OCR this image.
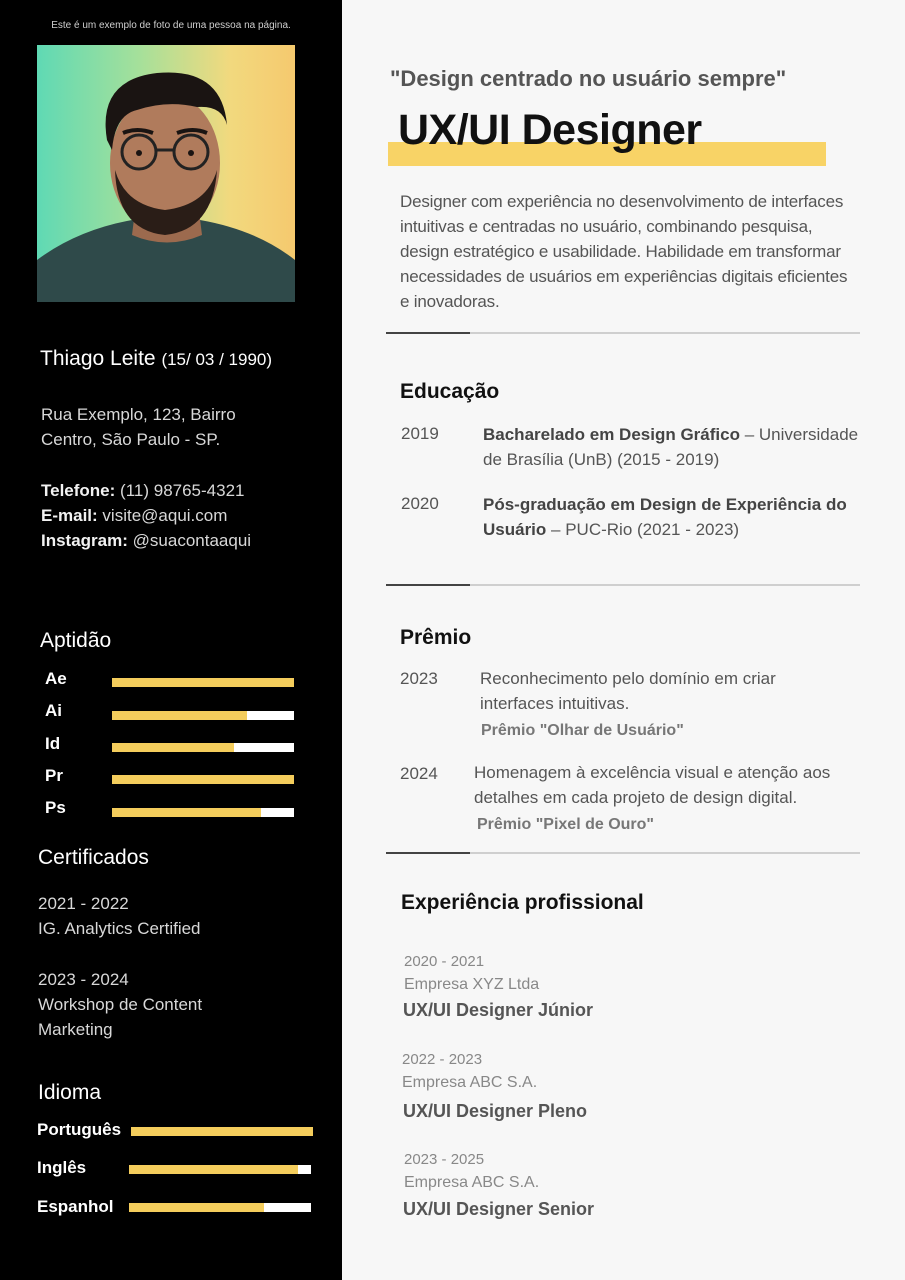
Este é um exemplo de foto de uma pessoa na página.
Thiago Leite (15/ 03 / 1990)
Rua Exemplo, 123, Bairro
Centro, São Paulo - SP.
Telefone: (11) 98765-4321
E-mail: visite@aqui.com
Instagram: @suacontaaqui
Aptidão
Ae
Ai
Id
Pr
Ps
Certificados
2021 - 2022
IG. Analytics Certified
2023 - 2024
Workshop de Content Marketing
Idioma
Português
Inglês
Espanhol
"Design centrado no usuário sempre"
UX/UI Designer
Designer com experiência no desenvolvimento de interfaces intuitivas e centradas no usuário, combinando pesquisa, design estratégico e usabilidade. Habilidade em transformar necessidades de usuários em experiências digitais eficientes e inovadoras.
Educação
2019	Bacharelado em Design Gráfico – Universidade de Brasília (UnB) (2015 - 2019)
2020	Pós-graduação em Design de Experiência do Usuário – PUC-Rio (2021 - 2023)
Prêmio
2023 Reconhecimento pelo domínio em criar interfaces intuitivas.
Prêmio "Olhar de Usuário"
2024 Homenagem à excelência visual e atenção aos detalhes em cada projeto de design digital.
Prêmio "Pixel de Ouro"
Experiência profissional
2020 - 2021
Empresa XYZ Ltda
UX/UI Designer Júnior
2022 - 2023
Empresa ABC S.A.
UX/UI Designer Pleno
2023 - 2025
Empresa ABC S.A.
UX/UI Designer Senior
